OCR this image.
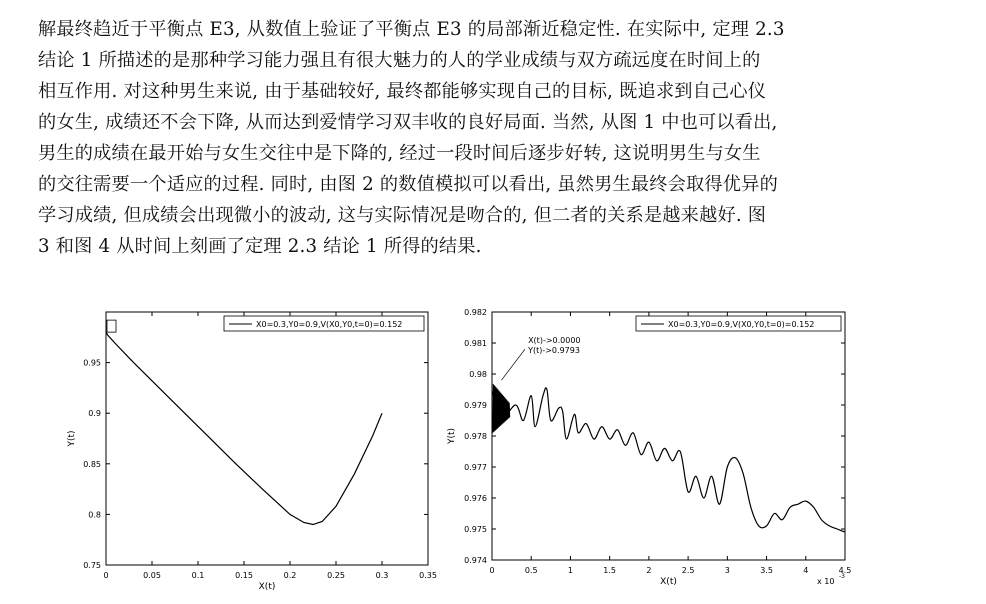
解最终趋近于平衡点 E3, 从数值上验证了平衡点 E3 的局部渐近稳定性. 在实际中, 定理 2.3
结论 1 所描述的是那种学习能力强且有很大魅力的人的学业成绩与双方疏远度在时间上的
相互作用. 对这种男生来说, 由于基础较好, 最终都能够实现自己的目标, 既追求到自己心仪
的女生, 成绩还不会下降, 从而达到爱情学习双丰收的良好局面. 当然, 从图 1 中也可以看出,
男生的成绩在最开始与女生交往中是下降的, 经过一段时间后逐步好转, 这说明男生与女生
的交往需要一个适应的过程. 同时, 由图 2 的数值模拟可以看出, 虽然男生最终会取得优异的
学习成绩, 但成绩会出现微小的波动, 这与实际情况是吻合的, 但二者的关系是越来越好. 图
3 和图 4 从时间上刻画了定理 2.3 结论 1 所得的结果.
0	0.05	0.1	0.15	0.2	0.25	0.3	0.35
0.75
0.8
0.85
0.9
0.95
X(t)
Y(t)
X0=0.3,Y0=0.9,V(X0,Y0,t=0)=0.152
0	0.5	1	1.5	2	2.5	3	3.5	4	4.5
0.974
0.975
0.976
0.977
0.978
0.979
0.98
0.981
0.982
X(t)
Y(t)
X0=0.3,Y0=0.9,V(X0,Y0,t=0)=0.152
X(t)->0.0000
Y(t)->0.9793
x 10
-3
